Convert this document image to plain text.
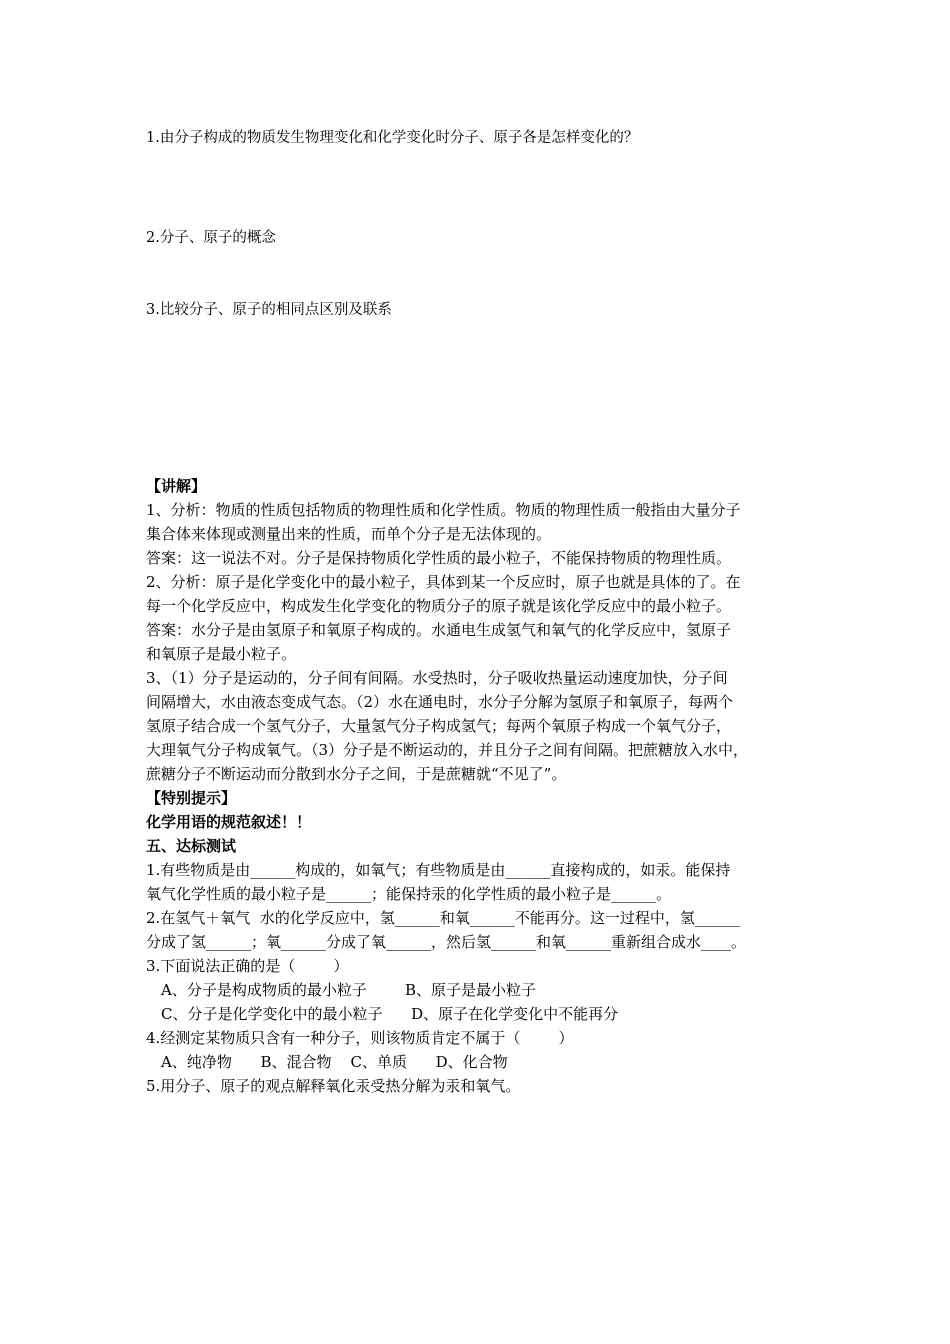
1.由分子构成的物质发生物理变化和化学变化时分子、原子各是怎样变化的？
2.分子、原子的概念
3.比较分子、原子的相同点区别及联系
【讲解】
1、分析：物质的性质包括物质的物理性质和化学性质。物质的物理性质一般指由大量分子
集合体来体现或测量出来的性质，而单个分子是无法体现的。
答案：这一说法不对。分子是保持物质化学性质的最小粒子，不能保持物质的物理性质。
2、分析：原子是化学变化中的最小粒子，具体到某一个反应时，原子也就是具体的了。在
每一个化学反应中，构成发生化学变化的物质分子的原子就是该化学反应中的最小粒子。
答案：水分子是由氢原子和氧原子构成的。水通电生成氢气和氧气的化学反应中，氢原子
和氧原子是最小粒子。
3、（1）分子是运动的，分子间有间隔。水受热时，分子吸收热量运动速度加快，分子间
间隔增大，水由液态变成气态。（2）水在通电时，水分子分解为氢原子和氧原子，每两个
氢原子结合成一个氢气分子，大量氢气分子构成氢气；每两个氧原子构成一个氧气分子，
大理氧气分子构成氧气。（3）分子是不断运动的，并且分子之间有间隔。把蔗糖放入水中，
蔗糖分子不断运动而分散到水分子之间，于是蔗糖就“不见了”。
【特别提示】
化学用语的规范叙述！！
五、达标测试
1.有些物质是由______构成的，如氧气；有些物质是由______直接构成的，如汞。能保持
氧气化学性质的最小粒子是______；能保持汞的化学性质的最小粒子是______。
2.在氢气＋氧气  水的化学反应中，氢______和氧______不能再分。这一过程中，氢______
分成了氢______；氧______分成了氧______，然后氢______和氧______重新组合成水____。
3.下面说法正确的是（        ）
A、分子是构成物质的最小粒子        B、原子是最小粒子
C、分子是化学变化中的最小粒子      D、原子在化学变化中不能再分
4.经测定某物质只含有一种分子，则该物质肯定不属于（        ）
A、纯净物      B、混合物    C、单质      D、化合物
5.用分子、原子的观点解释氧化汞受热分解为汞和氧气。
